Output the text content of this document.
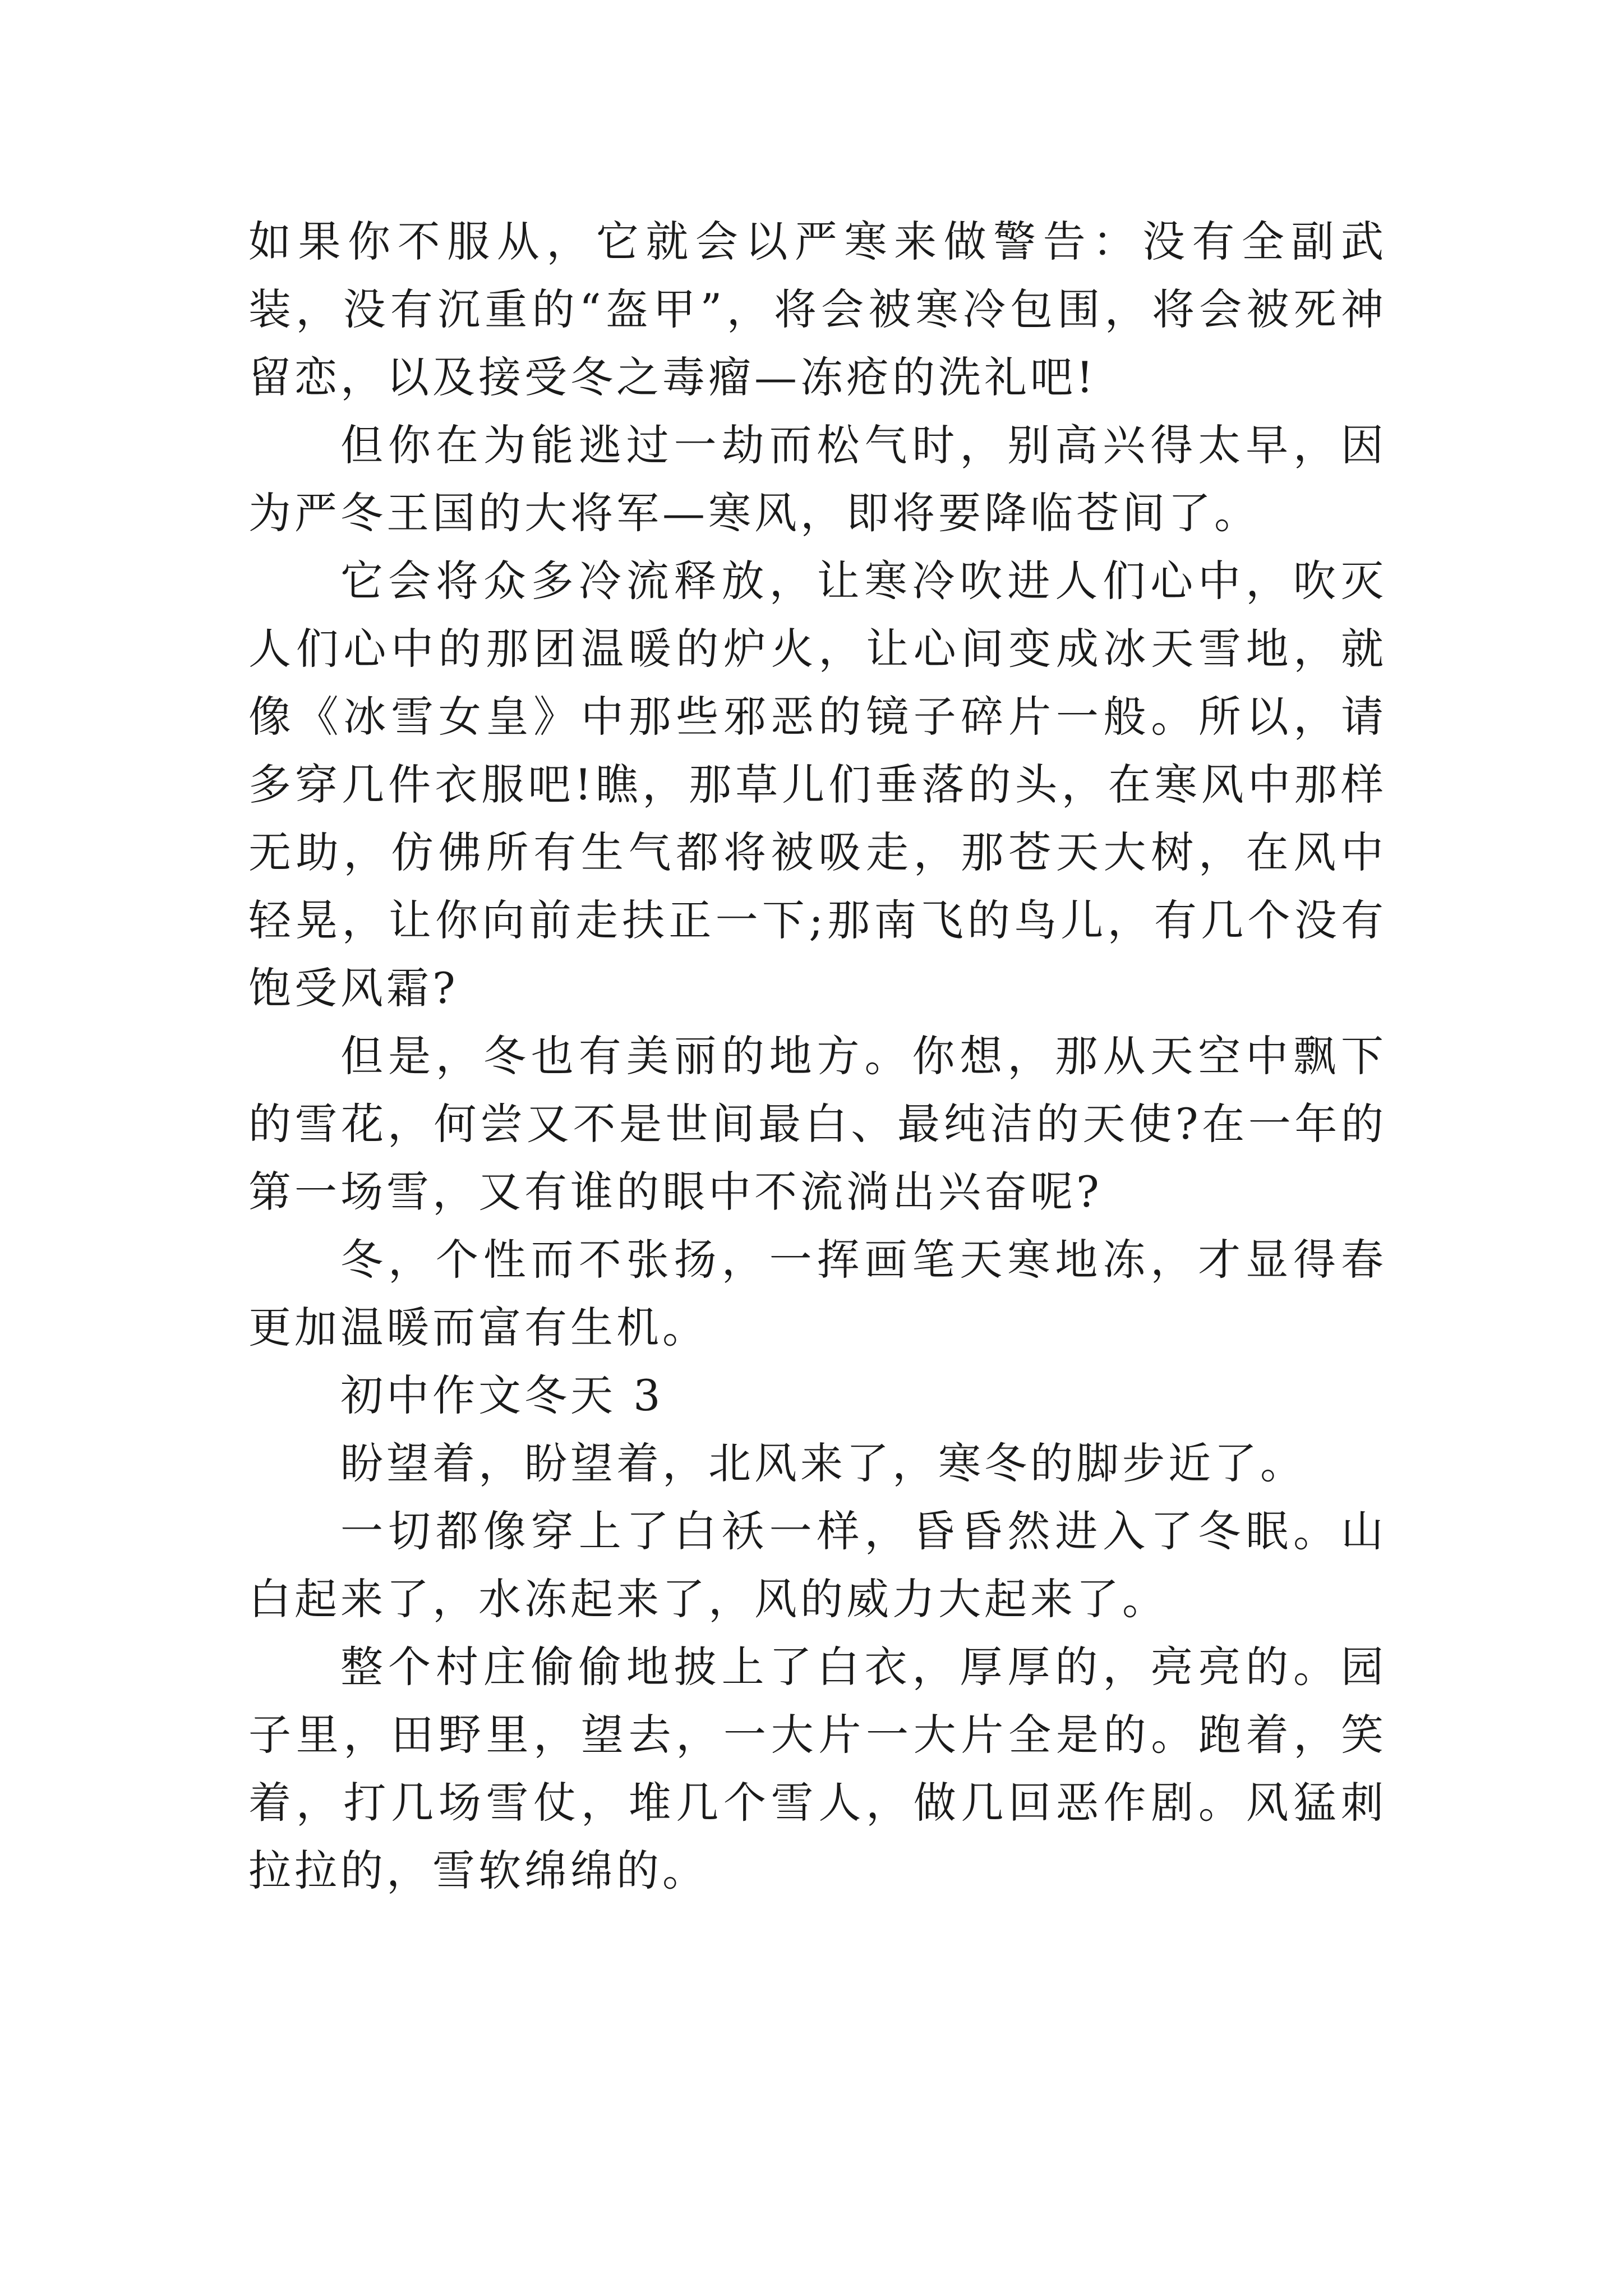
如果你不服从，它就会以严寒来做警告：没有全副武装，没有沉重的“盔甲”，将会被寒冷包围，将会被死神留恋，以及接受冬之毒瘤—冻疮的洗礼吧!

但你在为能逃过一劫而松气时，别高兴得太早，因为严冬王国的大将军—寒风，即将要降临苍间了。

它会将众多冷流释放，让寒冷吹进人们心中，吹灭人们心中的那团温暖的炉火，让心间变成冰天雪地，就像《冰雪女皇》中那些邪恶的镜子碎片一般。所以，请多穿几件衣服吧!瞧，那草儿们垂落的头，在寒风中那样无助，仿佛所有生气都将被吸走，那苍天大树，在风中轻晃，让你向前走扶正一下;那南飞的鸟儿，有几个没有饱受风霜?

但是，冬也有美丽的地方。你想，那从天空中飘下的雪花，何尝又不是世间最白、最纯洁的天使?在一年的第一场雪，又有谁的眼中不流淌出兴奋呢?

冬，个性而不张扬，一挥画笔天寒地冻，才显得春更加温暖而富有生机。

初中作文冬天 3

盼望着，盼望着，北风来了，寒冬的脚步近了。

一切都像穿上了白袄一样，昏昏然进入了冬眠。山白起来了，水冻起来了，风的威力大起来了。

整个村庄偷偷地披上了白衣，厚厚的，亮亮的。园子里，田野里，望去，一大片一大片全是的。跑着，笑着，打几场雪仗，堆几个雪人，做几回恶作剧。风猛刺拉拉的，雪软绵绵的。
